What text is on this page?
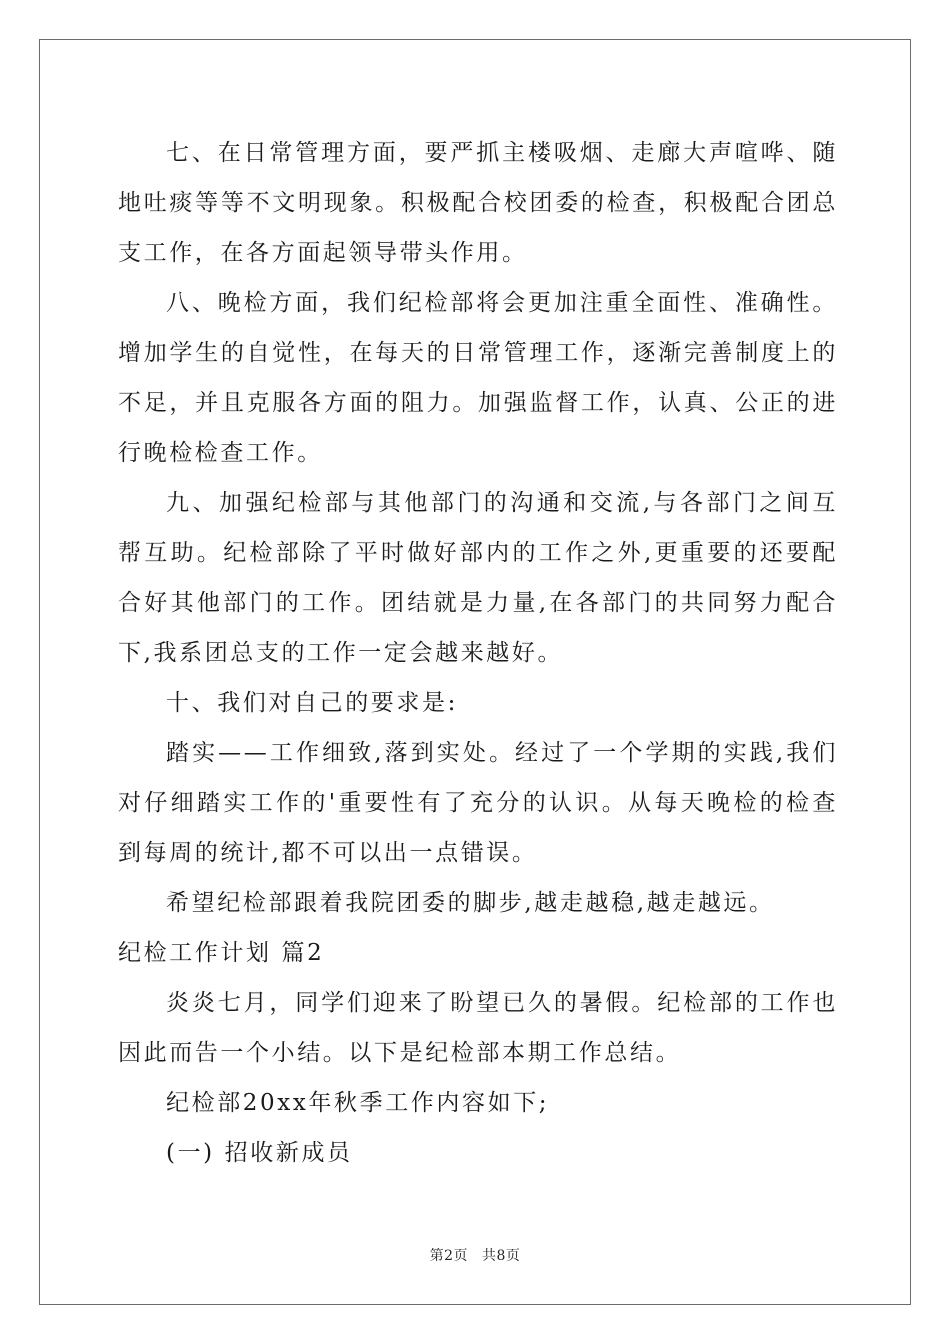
七、在日常管理方面，要严抓主楼吸烟、走廊大声喧哗、随地吐痰等等不文明现象。积极配合校团委的检查，积极配合团总支工作，在各方面起领导带头作用。

八、晚检方面，我们纪检部将会更加注重全面性、准确性。增加学生的自觉性，在每天的日常管理工作，逐渐完善制度上的不足，并且克服各方面的阻力。加强监督工作，认真、公正的进行晚检检查工作。

九、加强纪检部与其他部门的沟通和交流,与各部门之间互帮互助。纪检部除了平时做好部内的工作之外,更重要的还要配合好其他部门的工作。团结就是力量,在各部门的共同努力配合下,我系团总支的工作一定会越来越好。

十、我们对自己的要求是:

踏实——工作细致,落到实处。经过了一个学期的实践,我们对仔细踏实工作的'重要性有了充分的认识。从每天晚检的检查到每周的统计,都不可以出一点错误。

希望纪检部跟着我院团委的脚步,越走越稳,越走越远。

纪检工作计划 篇2

炎炎七月，同学们迎来了盼望已久的暑假。纪检部的工作也因此而告一个小结。以下是纪检部本期工作总结。

纪检部20xx年秋季工作内容如下;

(一) 招收新成员

第2页 共8页
